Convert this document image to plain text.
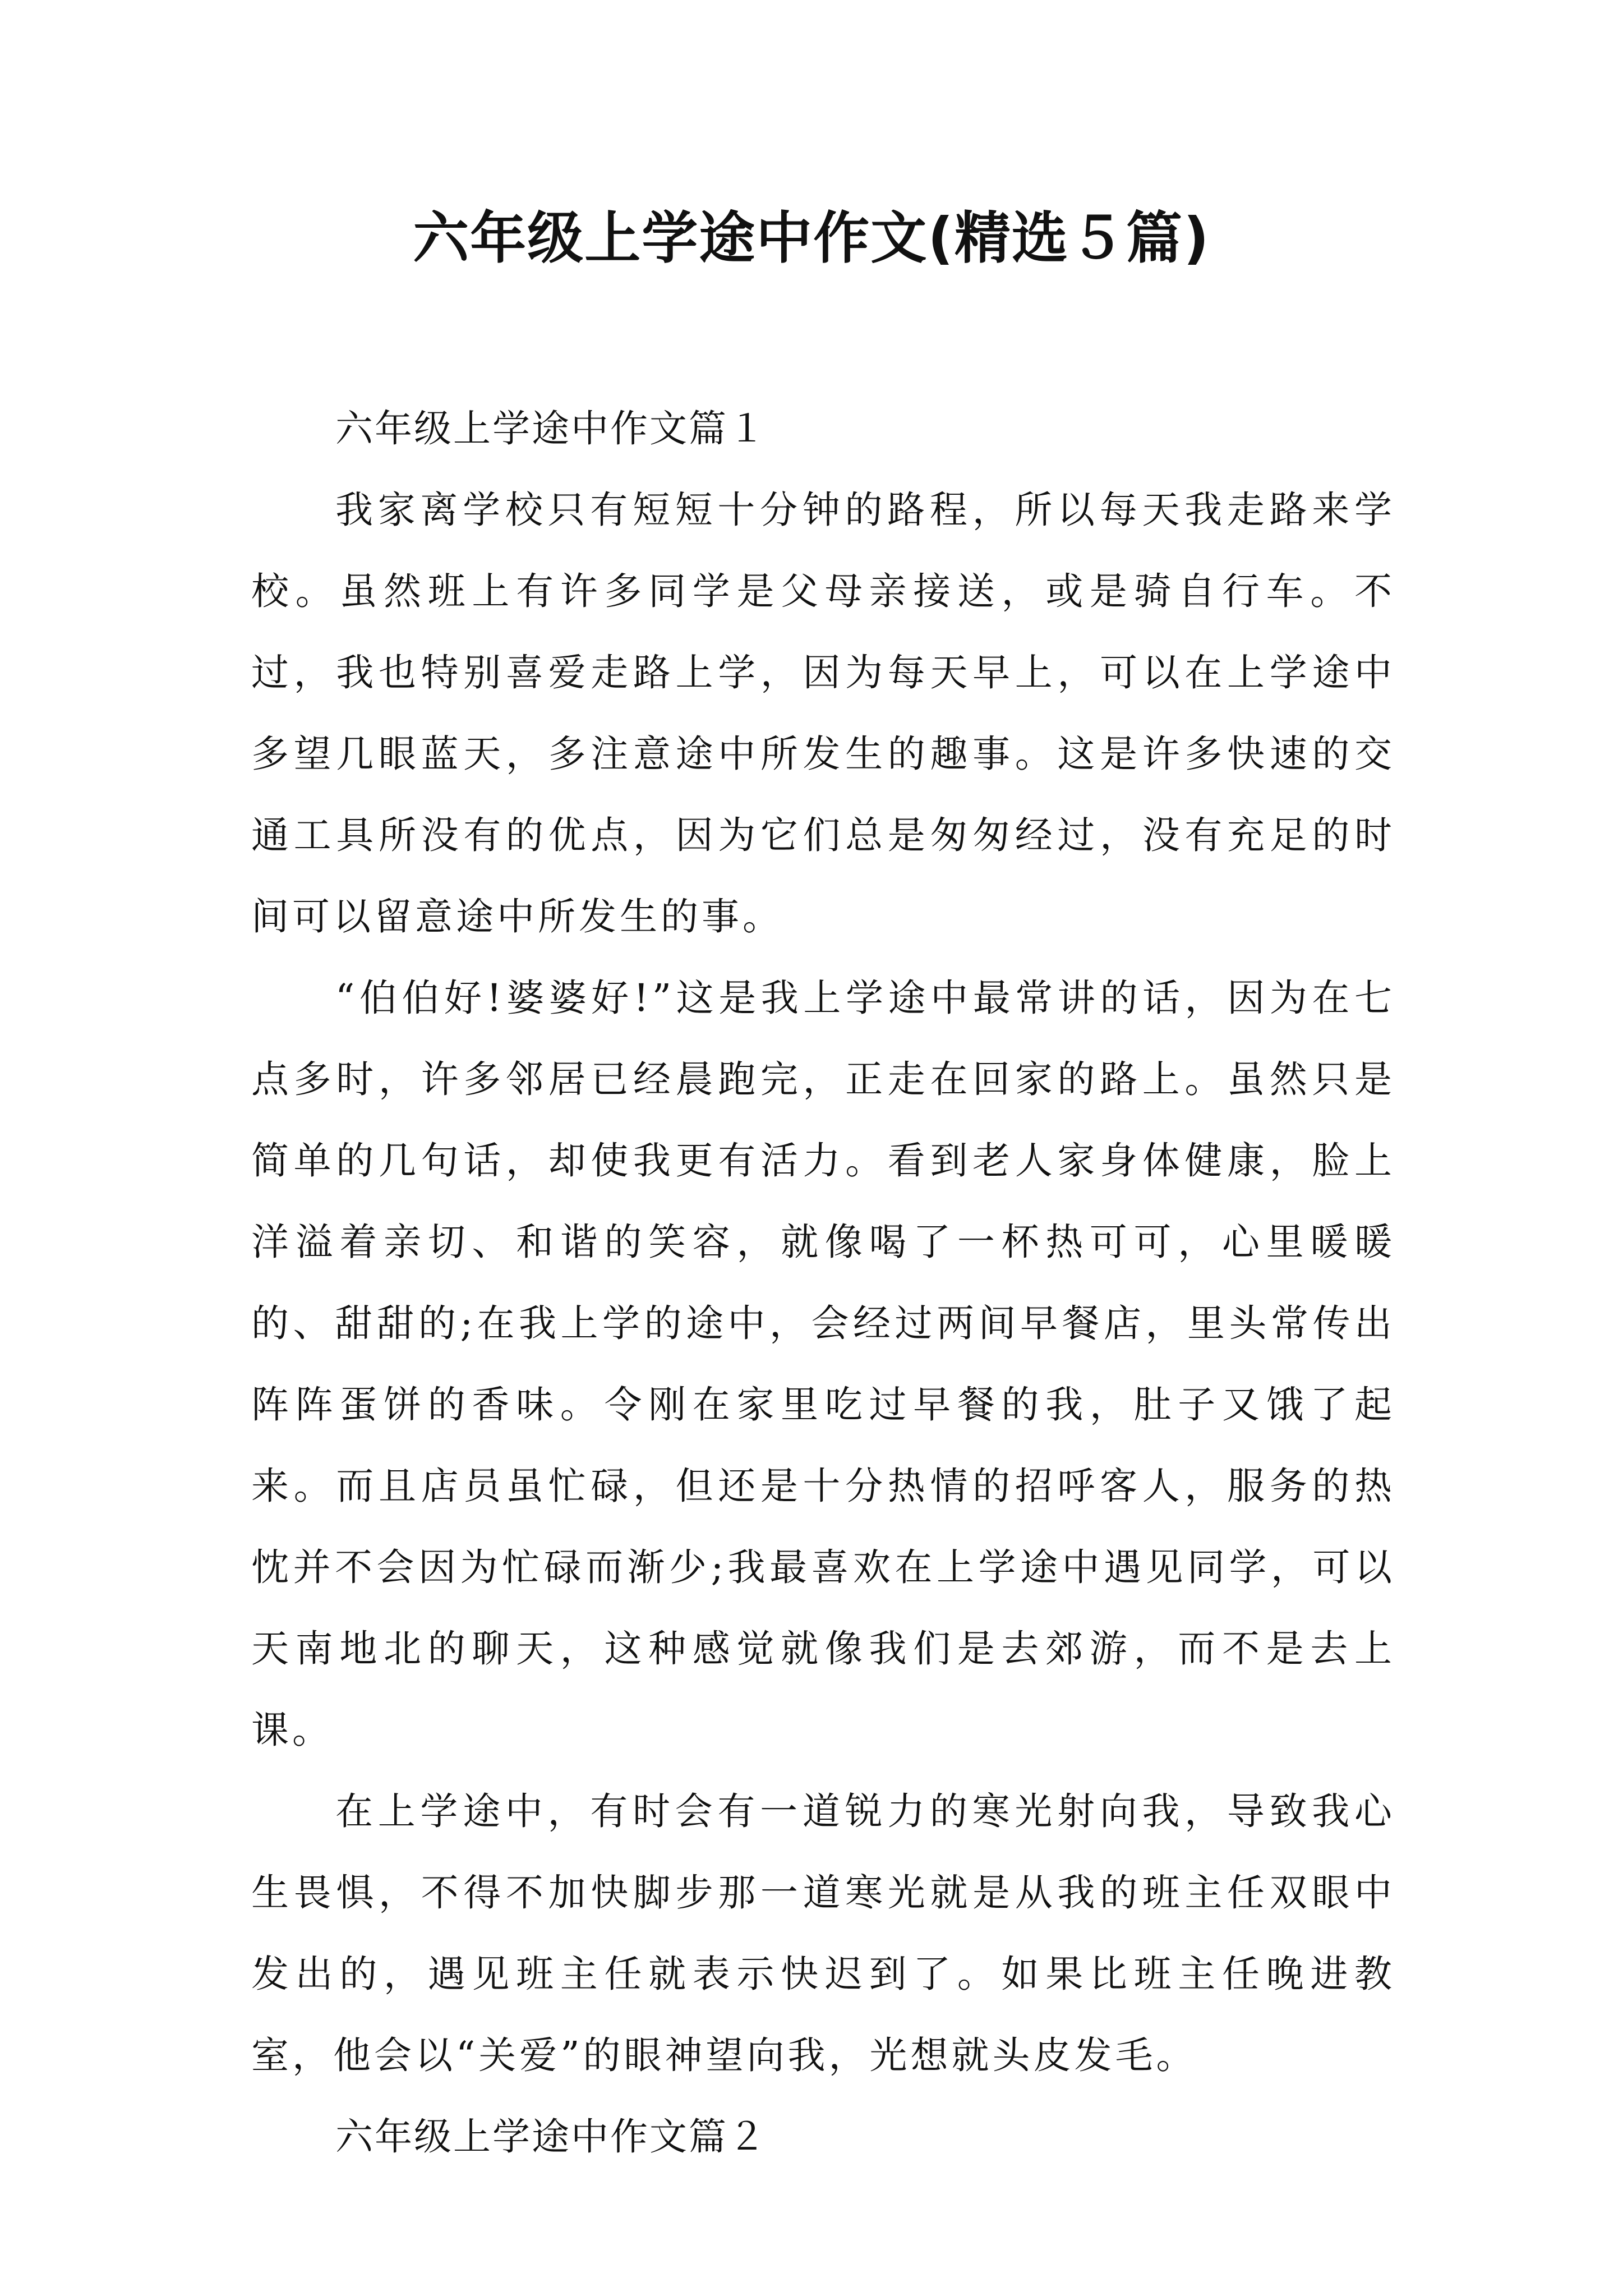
六年级上学途中作文(精选５篇)

六年级上学途中作文篇１

我家离学校只有短短十分钟的路程，所以每天我走路来学校。虽然班上有许多同学是父母亲接送，或是骑自行车。不过，我也特别喜爱走路上学，因为每天早上，可以在上学途中多望几眼蓝天，多注意途中所发生的趣事。这是许多快速的交通工具所没有的优点，因为它们总是匆匆经过，没有充足的时间可以留意途中所发生的事。

“伯伯好!婆婆好!”这是我上学途中最常讲的话，因为在七点多时，许多邻居已经晨跑完，正走在回家的路上。虽然只是简单的几句话，却使我更有活力。看到老人家身体健康，脸上洋溢着亲切、和谐的笑容，就像喝了一杯热可可，心里暖暖的、甜甜的;在我上学的途中，会经过两间早餐店，里头常传出阵阵蛋饼的香味。令刚在家里吃过早餐的我，肚子又饿了起来。而且店员虽忙碌，但还是十分热情的招呼客人，服务的热忱并不会因为忙碌而渐少;我最喜欢在上学途中遇见同学，可以天南地北的聊天，这种感觉就像我们是去郊游，而不是去上课。

在上学途中，有时会有一道锐力的寒光射向我，导致我心生畏惧，不得不加快脚步那一道寒光就是从我的班主任双眼中发出的，遇见班主任就表示快迟到了。如果比班主任晚进教室，他会以“关爱”的眼神望向我，光想就头皮发毛。

六年级上学途中作文篇２
